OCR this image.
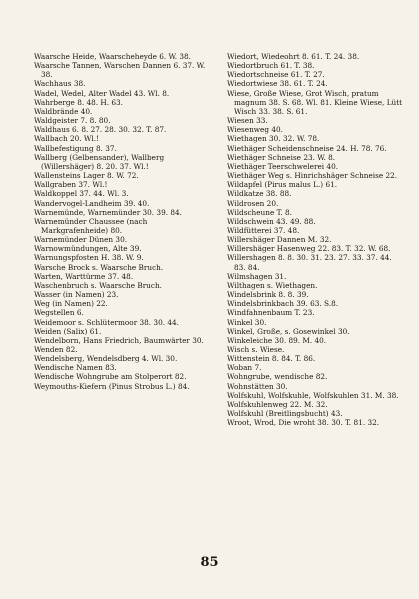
Waarsche Heide, Waarscheheyde 6. W. 38.
Waarsche Tannen, Warschen Dannen 6. 37. W. 38.
Wachhaus 38.
Wadel, Wedel, Alter Wadel 43. Wl. 8.
Wahrberge 8. 48. H. 63.
Waldbrände 40.
Waldgeister 7. 8. 80.
Waldhaus 6. 8. 27. 28. 30. 32. T. 87.
Wallbach 20. Wl.!
Wallbefestigung 8. 37.
Wallberg (Gelbensander), Wallberg (Willershäger) 8. 20. 37. Wl.!
Wallensteins Lager 8. W. 72.
Wallgraben 37. Wl.!
Waldkoppel 37. 44. Wl. 3.
Wandervogel-Landheim 39. 40.
Warnemünde, Warnemünder 30. 39. 84.
Warnemünder Chaussee (nach Markgrafenheide) 80.
Warnemünder Dünen 30.
Warnowmündungen, Alte 39.
Warnungspfosten H. 38. W. 9.
Warsche Brock s. Waarsche Bruch.
Warten, Warttürme 37. 48.
Waschenbruch s. Waarsche Bruch.
Wasser (in Namen) 23.
Weg (in Namen) 22.
Wegstellen 6.
Weidemoor s. Schlütermoor 38. 30. 44.
Weiden (Salix) 61.
Wendelborn, Hans Friedrich, Baumwärter 30.
Wenden 82.
Wendelsberg, Wendelsdberg 4. Wl. 30.
Wendische Namen 83.
Wendische Wohngrube am Stolperort 82.
Weymouths-Kiefern (Pinus Strobus L.) 84.
Wiedort, Wiedeohrt 8. 61. T. 24. 38.
Wiedortbruch 61. T. 38.
Wiedortschneise 61. T. 27.
Wiedortwiese 38. 61. T. 24.
Wiese, Große Wiese, Grot Wisch, pratum magnum 38. S. 68. Wl. 81. Kleine Wiese, Lütt Wisch 33. 38. S. 61.
Wiesen 33.
Wiesenweg 40.
Wiethagen 30. 32. W. 78.
Wiethäger Scheidenschneise 24. H. 78. 76.
Wiethäger Schneise 23. W. 8.
Wiethäger Teerschwelerei 40.
Wiethäger Weg s. Hinrichshäger Schneise 22.
Wildapfel (Pirus malus L.) 61.
Wildkatze 38. 88.
Wildrosen 20.
Wildscheune T. 8.
Wildschwein 43. 49. 88.
Wildfütterei 37. 48.
Willershäger Dannen M. 32.
Willershäger Hasenweg 22. 83. T. 32. W. 68.
Willershagen 8. 8. 30. 31. 23. 27. 33. 37. 44. 83. 84.
Wilmshagen 31.
Wilthagen s. Wiethagen.
Windelsbrink 8. 8. 39.
Windelsbrinkbach 39. 63. S.8.
Windfahnenbaum T. 23.
Winkel 30.
Winkel, Große, s. Gosewinkel 30.
Winkeleiche 30. 89. M. 40.
Wisch s. Wiese.
Wittenstein 8. 84. T. 86.
Woban 7.
Wohngrube, wendische 82.
Wohnstätten 30.
Wolfskuhl, Wolfskuhle, Wolfskuhlen 31. M. 38.
Wolfskuhlenweg 22. M. 32.
Wolfskuhl (Breitlingsbucht) 43.
Wroot, Wrod, Die wroht 38. 30. T. 81. 32.
85
